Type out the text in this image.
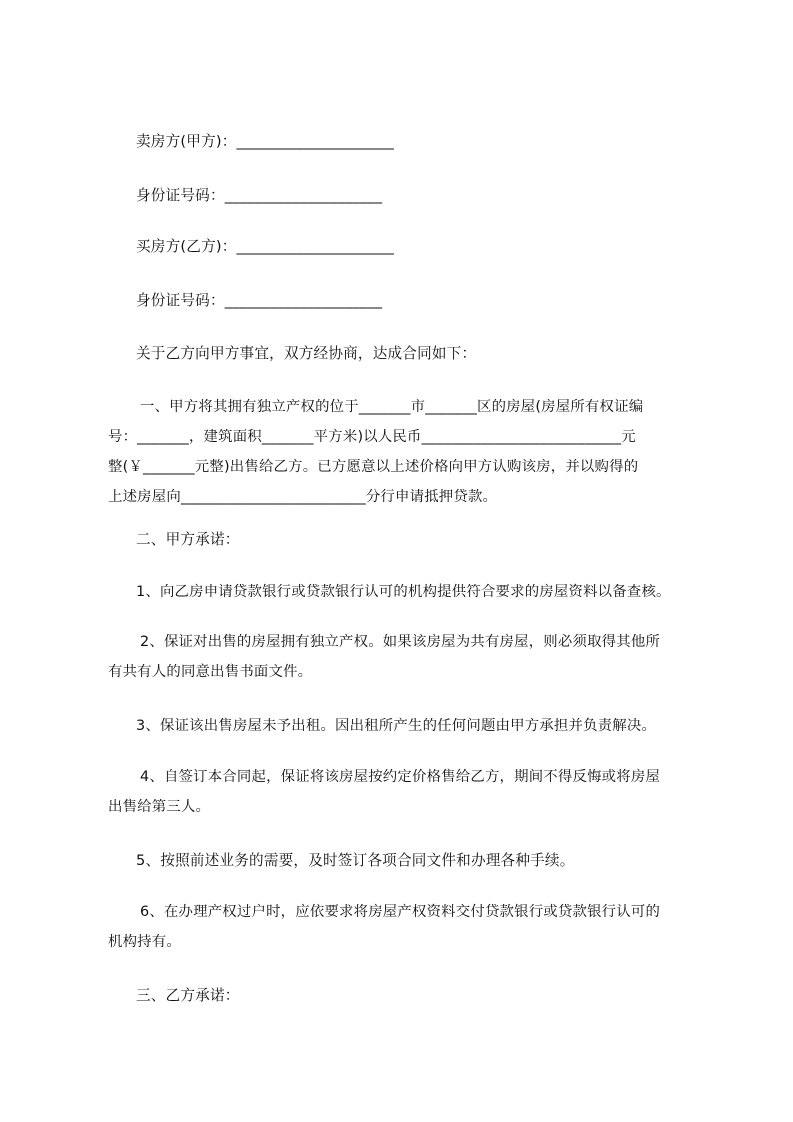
卖房方(甲方)：_____________________
身份证号码：_____________________
买房方(乙方)：_____________________
身份证号码：_____________________
关于乙方向甲方事宜，双方经协商，达成合同如下：
一、甲方将其拥有独立产权的位于_______市_______区的房屋(房屋所有权证编
号：_______，建筑面积_______平方米)以人民币___________________________元
整(￥_______元整)出售给乙方。已方愿意以上述价格向甲方认购该房，并以购得的
上述房屋向_________________________分行申请抵押贷款。
二、甲方承诺：
1、向乙房申请贷款银行或贷款银行认可的机构提供符合要求的房屋资料以备查核。
2、保证对出售的房屋拥有独立产权。如果该房屋为共有房屋，则必须取得其他所
有共有人的同意出售书面文件。
3、保证该出售房屋未予出租。因出租所产生的任何问题由甲方承担并负责解决。
4、自签订本合同起，保证将该房屋按约定价格售给乙方，期间不得反悔或将房屋
出售给第三人。
5、按照前述业务的需要，及时签订各项合同文件和办理各种手续。
6、在办理产权过户时，应依要求将房屋产权资料交付贷款银行或贷款银行认可的
机构持有。
三、乙方承诺：
